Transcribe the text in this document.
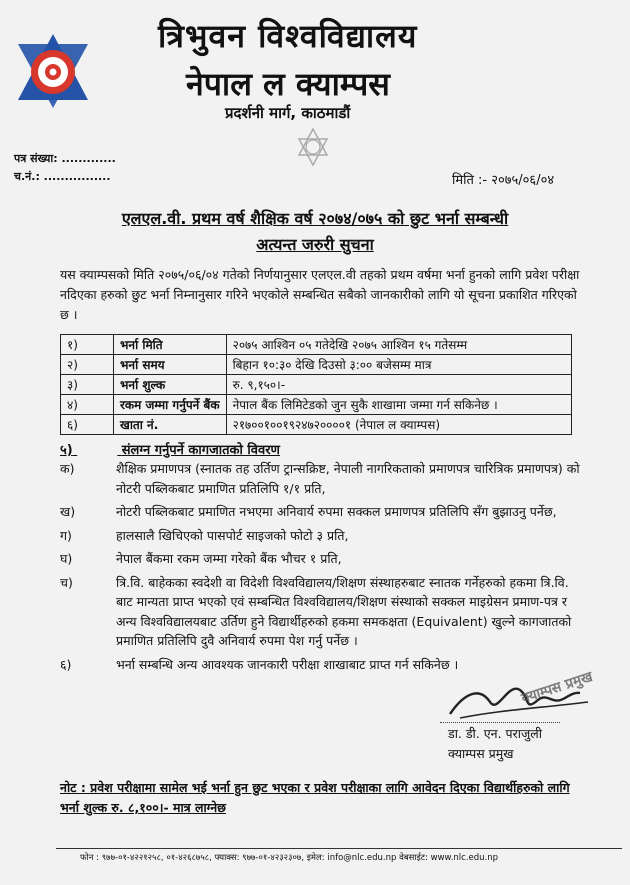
त्रिभुवन विश्वविद्यालय
नेपाल ल क्याम्पस
प्रदर्शनी मार्ग, काठमाडौं
पत्र संख्या: .............
च.नं.: ................	मिति :- २०७५/०६/०४
एलएल.वी. प्रथम वर्ष शैक्षिक वर्ष २०७४/०७५ को छुट भर्ना सम्बन्धी
अत्यन्त जरुरी सुचना
यस क्याम्पसको मिति २०७५/०६/०४ गतेको निर्णयानुसार एलएल.वी तहको प्रथम वर्षमा भर्ना हुनको लागि प्रवेश परीक्षा नदिएका हरुको छुट भर्ना निम्नानुसार गरिने भएकोले सम्बन्धित सबैको जानकारीको लागि यो सूचना प्रकाशित गरिएको छ ।
१)	भर्ना मिति	२०७५ आश्विन ०५ गतेदेखि २०७५ आश्विन १५ गतेसम्म
२)	भर्ना समय	बिहान १०:३० देखि दिउसो ३:०० बजेसम्म मात्र
३)	भर्ना शुल्क	रु. ९,१५०।-
४)	रकम जम्मा गर्नुपर्ने बैंक	नेपाल बैंक लिमिटेडको जुन सुकै शाखामा जम्मा गर्न सकिनेछ ।
६)	खाता नं.	२१७००१००१९२४७२००००१ (नेपाल ल क्याम्पस)
५)	संलग्न गर्नुपर्ने कागजातको विवरण
क)	शैक्षिक प्रमाणपत्र (स्नातक तह उर्तिण ट्रान्सक्रिष्ट, नेपाली नागरिकताको प्रमाणपत्र चारित्रिक प्रमाणपत्र) को नोटरी पब्लिकबाट प्रमाणित प्रतिलिपि १/१ प्रति,
ख)	नोटरी पब्लिकबाट प्रमाणित नभएमा अनिवार्य रुपमा सक्कल प्रमाणपत्र प्रतिलिपि सँग बुझाउनु पर्नेछ,
ग)	हालसालै खिचिएको पासपोर्ट साइजको फोटो ३ प्रति,
घ)	नेपाल बैंकमा रकम जम्मा गरेको बैंक भौचर १ प्रति,
च)	त्रि.वि. बाहेकका स्वदेशी वा विदेशी विश्वविद्यालय/शिक्षण संस्थाहरुबाट स्नातक गर्नेहरुको हकमा त्रि.वि. बाट मान्यता प्राप्त भएको एवं सम्बन्धित विश्वविद्यालय/शिक्षण संस्थाको सक्कल माइग्रेसन प्रमाण-पत्र र अन्य विश्वविद्यालयबाट उर्तिण हुने विद्यार्थीहरुको हकमा समकक्षता (Equivalent) खुल्ने कागजातको प्रमाणित प्रतिलिपि दुवै अनिवार्य रुपमा पेश गर्नु पर्नेछ ।
६)	भर्ना सम्बन्धि अन्य आवश्यक जानकारी परीक्षा शाखाबाट प्राप्त गर्न सकिनेछ ।
क्याम्पस प्रमुख
डा. डी. एन. पराजुली
क्याम्पस प्रमुख
नोट : प्रवेश परीक्षामा सामेल भई भर्ना हुन छुट भएका र प्रवेश परीक्षाका लागि आवेदन दिएका विद्यार्थीहरुको लागि भर्ना शुल्क रु. ८,१००।- मात्र लाग्नेछ
फोन : ९७७-०१-४२२१२५८, ०१-४२६८७५८, फ्याक्स: ९७७-०१-४२३२३०७, इमेल: info@nlc.edu.np वेबसाईट: www.nlc.edu.np
